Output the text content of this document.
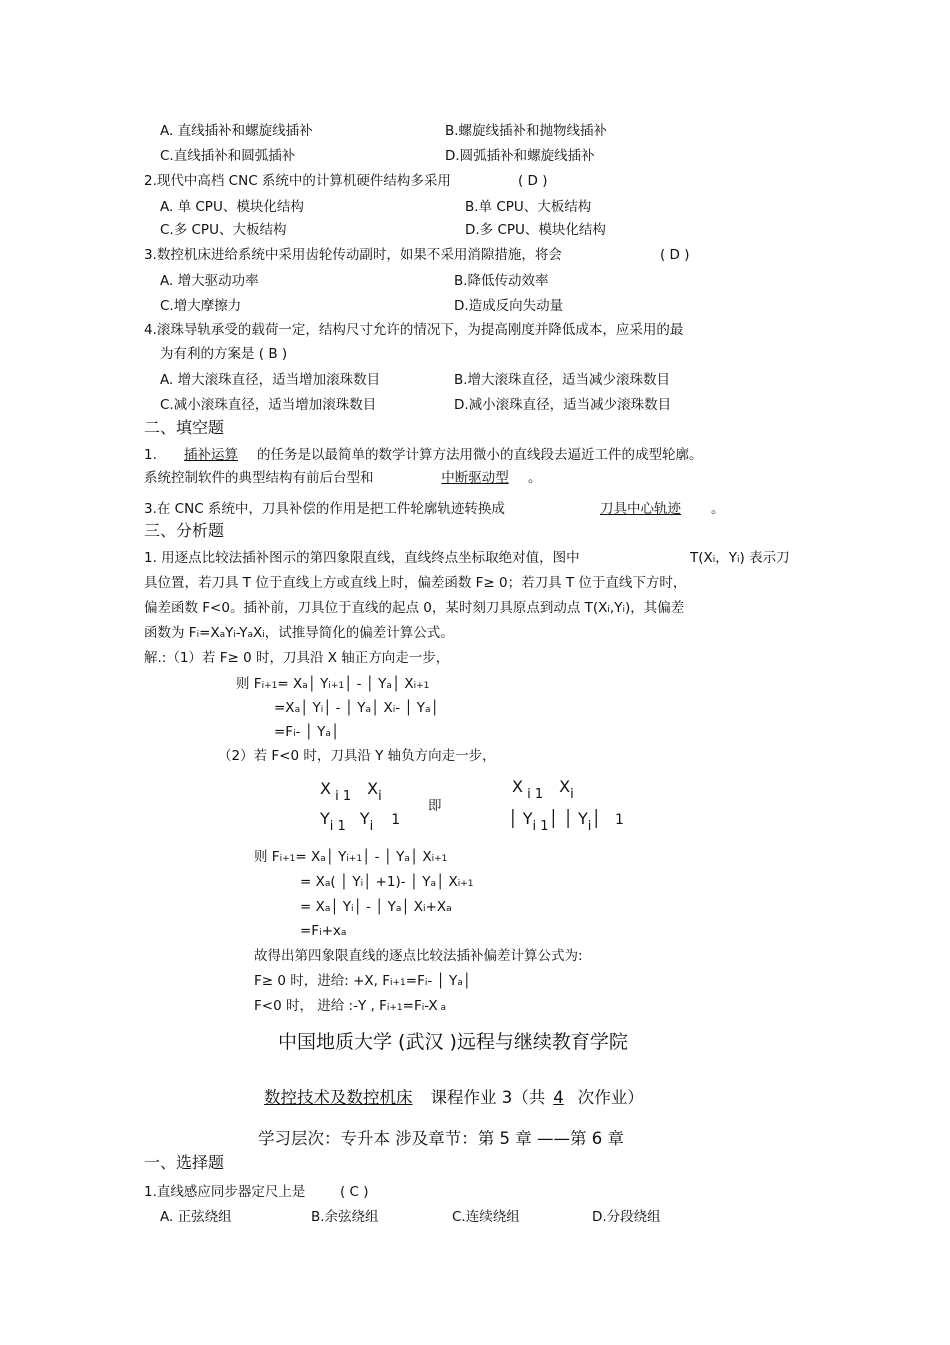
A. 直线插补和螺旋线插补	B.螺旋线插补和抛物线插补
C.直线插补和圆弧插补	D.圆弧插补和螺旋线插补
2.现代中高档 CNC 系统中的计算机硬件结构多采用	( D )
A. 单 CPU、模块化结构	B.单 CPU、大板结构
C.多 CPU、大板结构	D.多 CPU、模块化结构
3.数控机床进给系统中采用齿轮传动副时，如果不采用消隙措施，将会	( D )
A. 增大驱动功率	B.降低传动效率
C.增大摩擦力	D.造成反向失动量
4.滚珠导轨承受的载荷一定，结构尺寸允许的情况下，为提高刚度并降低成本，应采用的最
为有利的方案是 ( B )
A. 增大滚珠直径，适当增加滚珠数目	B.增大滚珠直径，适当减少滚珠数目
C.减小滚珠直径，适当增加滚珠数目	D.减小滚珠直径，适当减少滚珠数目
二、填空题
1.	插补运算	的任务是以最简单的数学计算方法用微小的直线段去逼近工件的成型轮廓。
系统控制软件的典型结构有前后台型和	中断驱动型	。
3.在 CNC 系统中，刀具补偿的作用是把工件轮廓轨迹转换成	刀具中心轨迹	。
三、分析题
1. 用逐点比较法插补图示的第四象限直线，直线终点坐标取绝对值，图中	T(Xi，Yi) 表示刀
具位置，若刀具 T 位于直线上方或直线上时，偏差函数 F≥ 0；若刀具 T 位于直线下方时，
偏差函数 F<0。插补前，刀具位于直线的起点 0，某时刻刀具原点到动点 T(Xi,Yi)，其偏差
函数为 Fi=XaYi-YaXi，试推导简化的偏差计算公式。
解.:（1）若 F≥ 0 时，刀具沿 X 轴正方向走一步，
则 Fi+1= Xa│ Yi+1│ - │ Ya│ Xi+1
=Xa│ Yi│ - │ Ya│ Xi- │ Ya│
=Fi- │ Ya│
（2）若 F<0 时，刀具沿 Y 轴负方向走一步，
X $_{i 1}$ $X_i$
$Y_{i 1}$ $Y_i$ 1
即
X $_{i 1}$ $X_i$
│ $Y_{i 1}│$ │ $Y_i│$ 1
则 Fi+1= Xa│ Yi+1│ - │ Ya│ Xi+1
= Xa( │ Yi│ +1)- │ Ya│ Xi+1
= Xa│ Yi│ - │ Ya│ Xi+Xa
=Fi+xa
故得出第四象限直线的逐点比较法插补偏差计算公式为:
F≥ 0 时，进给: +X, Fi+1=Fi- │ Ya│
F<0 时， 进给 :-Y , Fi+1=Fi-X a
中国地质大学 (武汉 )远程与继续教育学院
数控技术及数控机床 课程作业 3（共 4 次作业）
学习层次：专升本 涉及章节：第 5 章 ——第 6 章
一、选择题
1.直线感应同步器定尺上是	( C )
A. 正弦绕组	B.余弦绕组	C.连续绕组	D.分段绕组
